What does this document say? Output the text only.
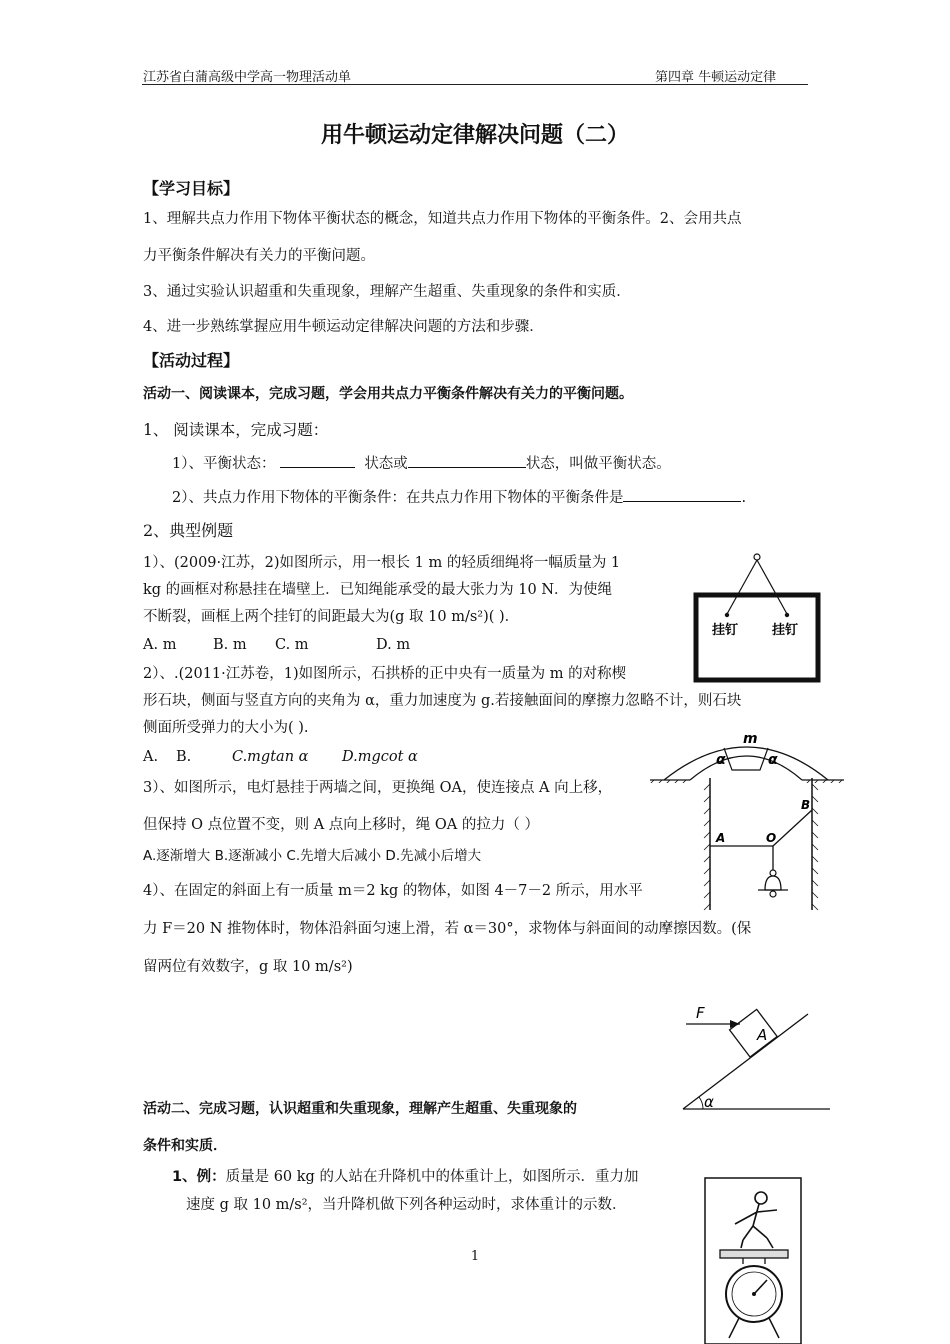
江苏省白蒲高级中学高一物理活动单	第四章 牛顿运动定律
用牛顿运动定律解决问题（二）
【学习目标】
1、理解共点力作用下物体平衡状态的概念，知道共点力作用下物体的平衡条件。2、会用共点
力平衡条件解决有关力的平衡问题。
3、通过实验认识超重和失重现象，理解产生超重、失重现象的条件和实质．
4、进一步熟练掌握应用牛顿运动定律解决问题的方法和步骤．
【活动过程】
活动一、阅读课本，完成习题，学会用共点力平衡条件解决有关力的平衡问题。
1、 阅读课本，完成习题：
1）、平衡状态：	状态或	状态，叫做平衡状态。
2）、共点力作用下物体的平衡条件：在共点力作用下物体的平衡条件是	.
2、典型例题
1）、(2009·江苏，2)如图所示，用一根长 1 m 的轻质细绳将一幅质量为 1
kg 的画框对称悬挂在墙壁上．已知绳能承受的最大张力为 10 N．为使绳
不断裂，画框上两个挂钉的间距最大为(g 取 10 m/s²)( )．
A. m	B. m C. m	D. m
挂钉	挂钉
2）、.(2011·江苏卷，1)如图所示，石拱桥的正中央有一质量为 m 的对称楔
形石块，侧面与竖直方向的夹角为 α，重力加速度为 g.若接触面间的摩擦力忽略不计，则石块
侧面所受弹力的大小为( ).
A. B.	C.mgtan α D.mgcot α
m
α	α
3）、如图所示，电灯悬挂于两墙之间，更换绳 OA，使连接点 A 向上移，
但保持 O 点位置不变，则 A 点向上移时，绳 OA 的拉力（ ）
A.逐渐增大 B.逐渐减小 C.先增大后减小 D.先减小后增大
A	O
B
4）、在固定的斜面上有一质量 m＝2 kg 的物体，如图 4－7－2 所示，用水平
力 F＝20 N 推物体时，物体沿斜面匀速上滑，若 α＝30°，求物体与斜面间的动摩擦因数。(保
留两位有效数字，g 取 10 m/s²)
F
A
α
活动二、完成习题，认识超重和失重现象，理解产生超重、失重现象的
条件和实质．
1、例：质量是 60 kg 的人站在升降机中的体重计上，如图所示．重力加
速度 g 取 10 m/s²，当升降机做下列各种运动时，求体重计的示数．
1
